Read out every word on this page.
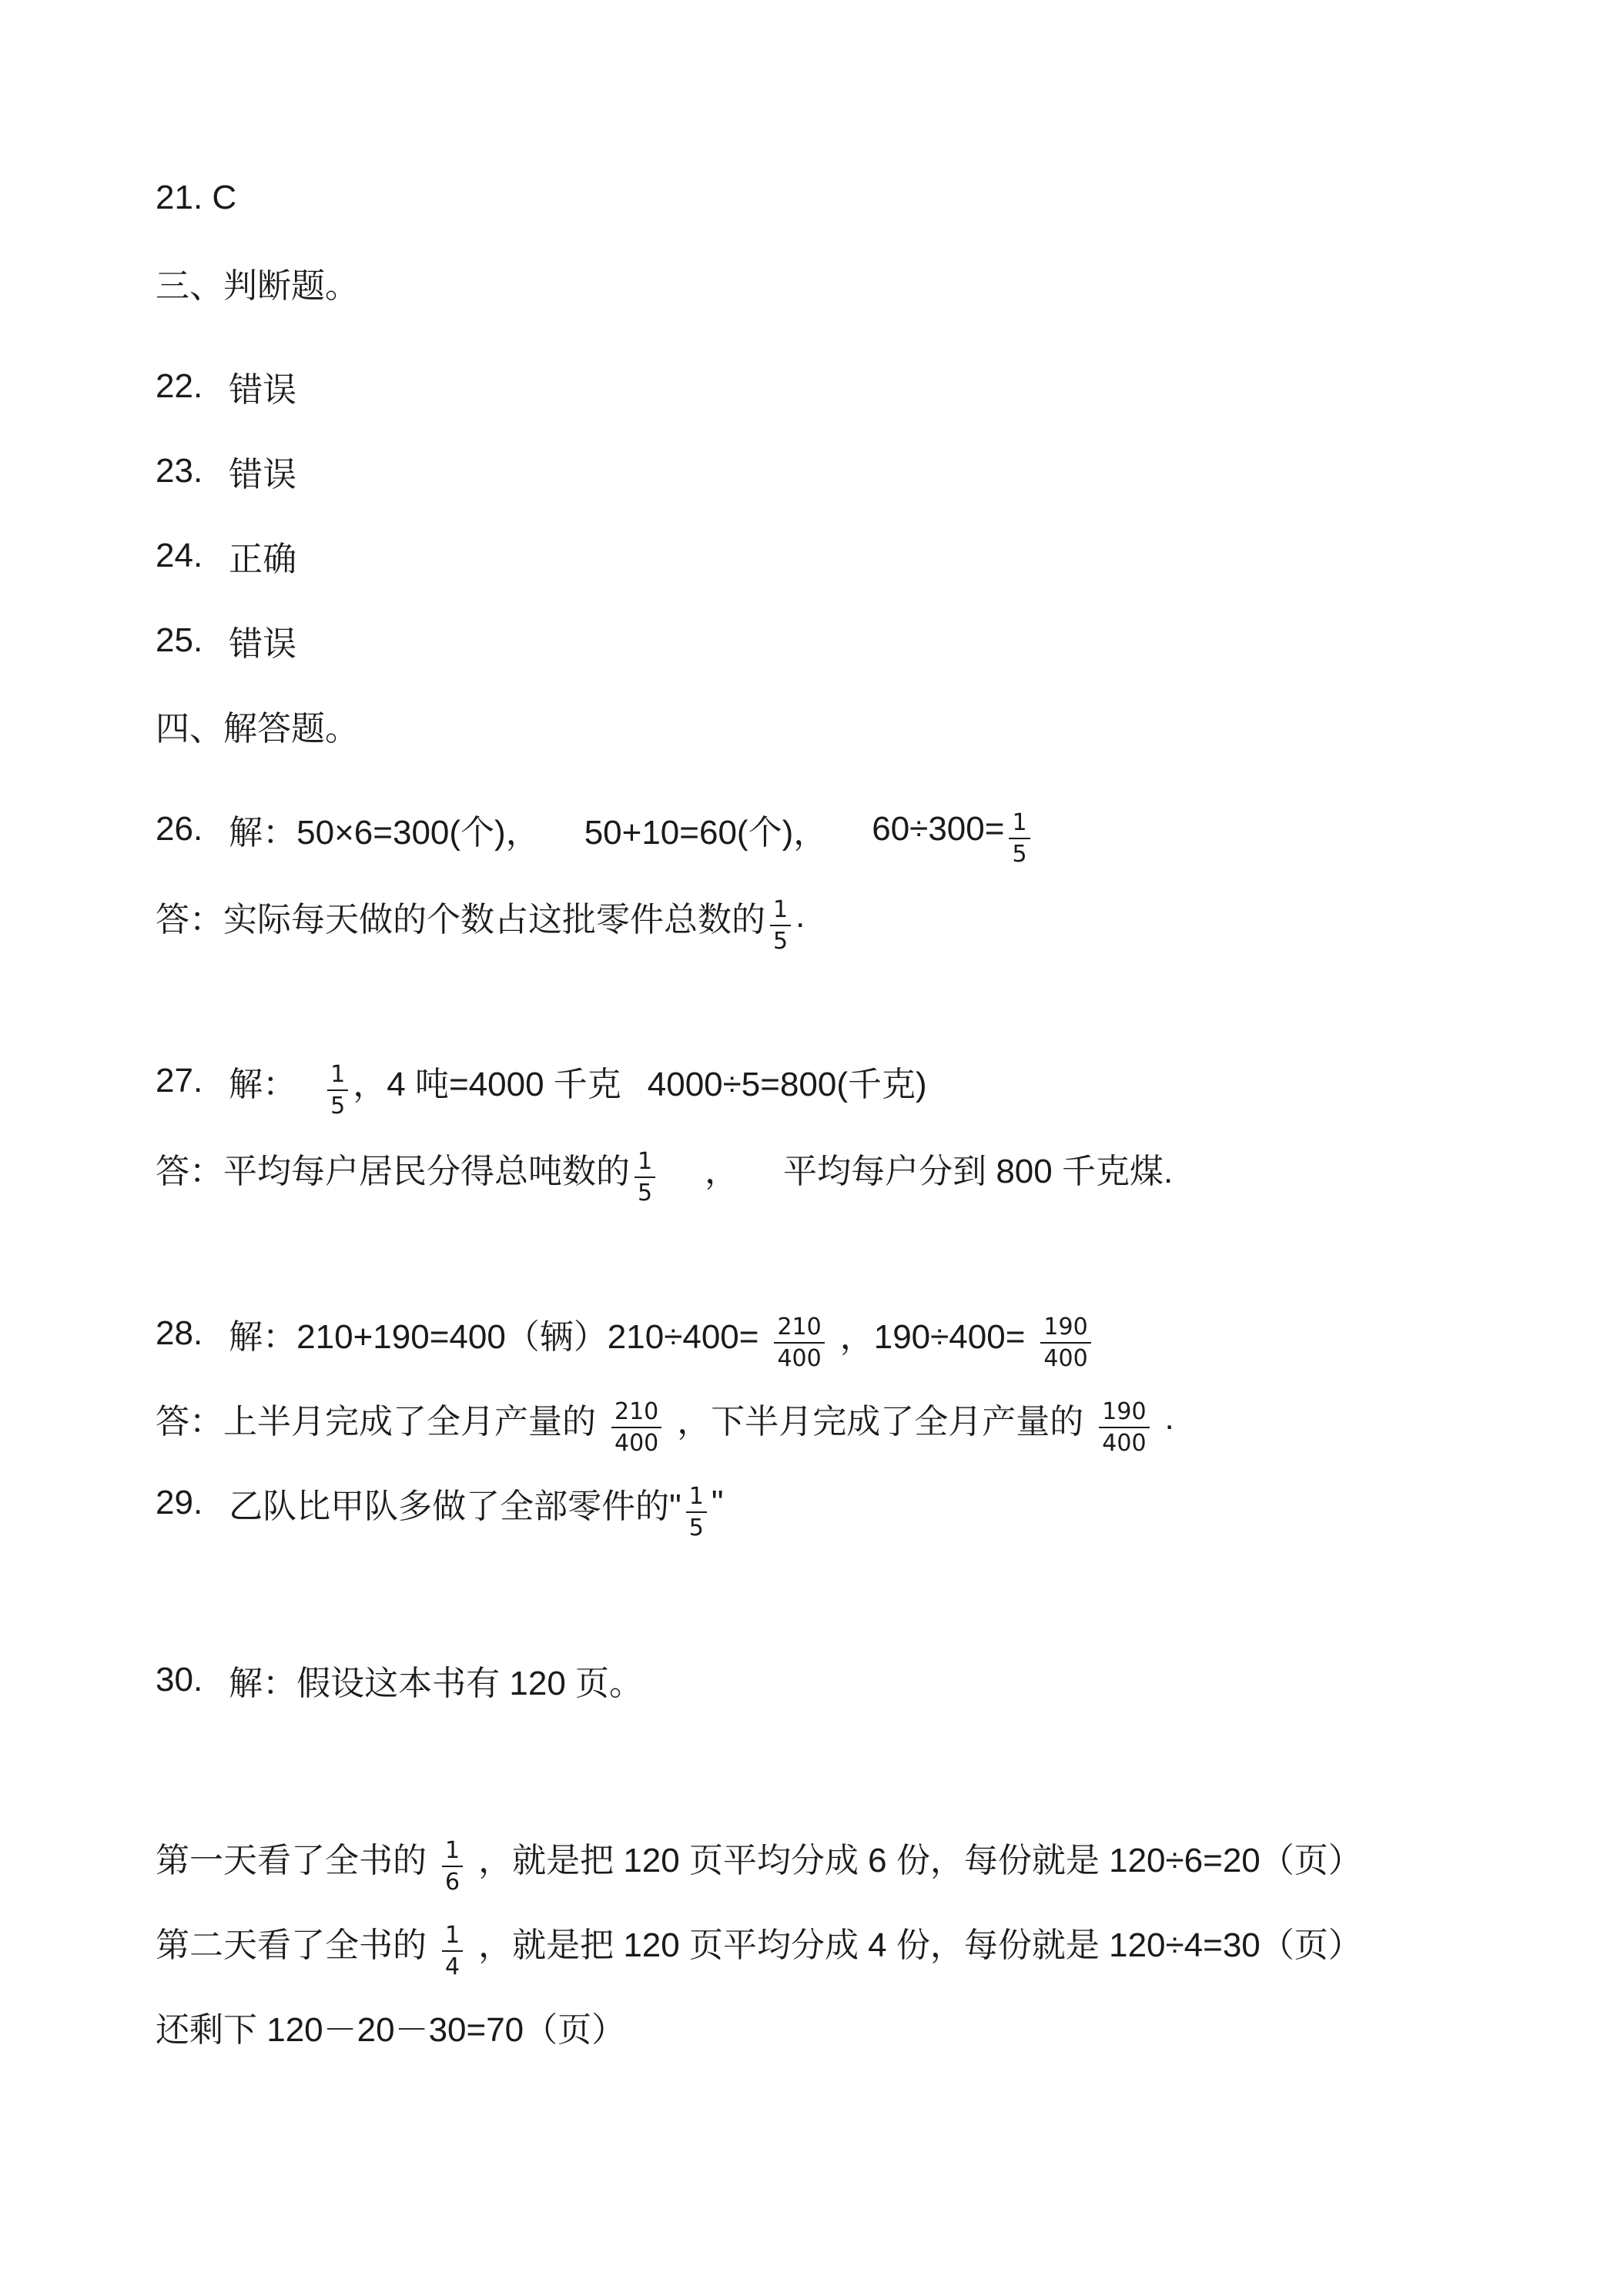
21. C
三、判断题。
22. 错误
23. 错误
24. 正确
25. 错误
四、解答题。
26. 解：50×6=300(个)， 50+10=60(个)， $60\div 300= \frac{1}{5}$
答：实际每天做的个数占这批零件总数的 $\frac{1}{5}$ .
27. 解： $\frac{1}{5}$ ，4 吨=4000 千克 4000÷5=800(千克)
答：平均每户居民分得总吨数的 $\frac{1}{5}$ ， 平均每户分到 800 千克煤.
28. 解：210+190=400（辆）$210\div 400= \frac{210}{400}$ ，$190\div 400= \frac{190}{400}$
答：上半月完成了全月产量的 $\frac{210}{400}$ ，下半月完成了全月产量的 $\frac{190}{400}$ .
29. 乙队比甲队多做了全部零件的" $\frac{1}{5}$ "
30. 解：假设这本书有 120 页。
第一天看了全书的 $\frac{1}{6}$ ，就是把 120 页平均分成 6 份，每份就是 120÷6=20（页）
第二天看了全书的 $\frac{1}{4}$ ，就是把 120 页平均分成 4 份，每份就是 120÷4=30（页）
还剩下 120－20－30=70（页）
